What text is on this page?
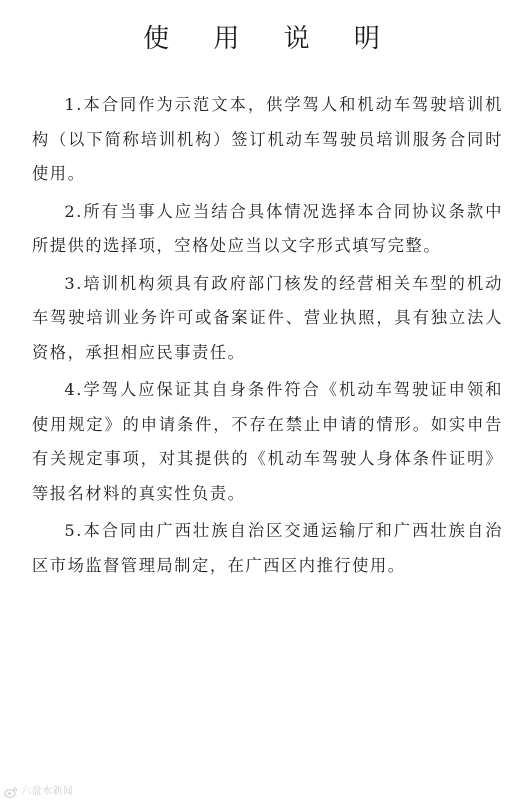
使 用 说 明

1.本合同作为示范文本，供学驾人和机动车驾驶培训机构（以下简称培训机构）签订机动车驾驶员培训服务合同时使用。

2.所有当事人应当结合具体情况选择本合同协议条款中所提供的选择项，空格处应当以文字形式填写完整。

3.培训机构须具有政府部门核发的经营相关车型的机动车驾驶培训业务许可或备案证件、营业执照，具有独立法人资格，承担相应民事责任。

4.学驾人应保证其自身条件符合《机动车驾驶证申领和使用规定》的申请条件，不存在禁止申请的情形。如实申告有关规定事项，对其提供的《机动车驾驶人身体条件证明》等报名材料的真实性负责。

5.本合同由广西壮族自治区交通运输厅和广西壮族自治区市场监督管理局制定，在广西区内推行使用。

六盘水新闻
